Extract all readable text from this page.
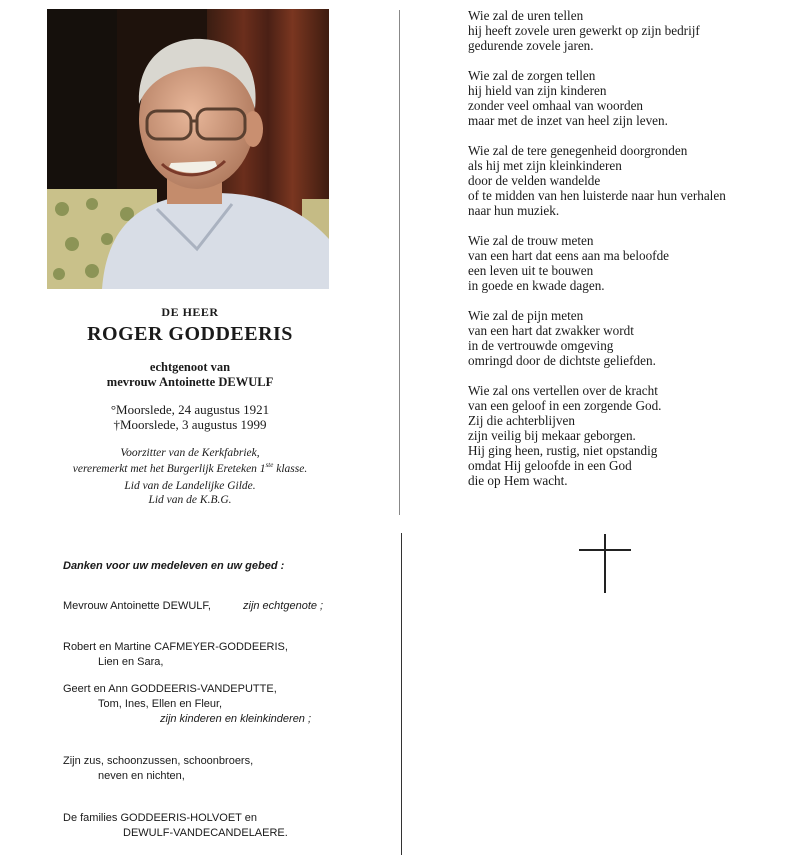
DE HEER
ROGER GODDEERIS
echtgenoot van
mevrouw Antoinette DEWULF
°Moorslede, 24 augustus 1921
†Moorslede, 3 augustus 1999
Voorzitter van de Kerkfabriek,
vereremerkt met het Burgerlijk Ereteken 1ste klasse.
Lid van de Landelijke Gilde.
Lid van de K.B.G.

Wie zal de uren tellen
hij heeft zovele uren gewerkt op zijn bedrijf
gedurende zovele jaren.

Wie zal de zorgen tellen
hij hield van zijn kinderen
zonder veel omhaal van woorden
maar met de inzet van heel zijn leven.

Wie zal de tere genegenheid doorgronden
als hij met zijn kleinkinderen
door de velden wandelde
of te midden van hen luisterde naar hun verhalen
naar hun muziek.

Wie zal de trouw meten
van een hart dat eens aan ma beloofde
een leven uit te bouwen
in goede en kwade dagen.

Wie zal de pijn meten
van een hart dat zwakker wordt
in de vertrouwde omgeving
omringd door de dichtste geliefden.

Wie zal ons vertellen over de kracht
van een geloof in een zorgende God.
Zij die achterblijven
zijn veilig bij mekaar geborgen.
Hij ging heen, rustig, niet opstandig
omdat Hij geloofde in een God
die op Hem wacht.

Danken voor uw medeleven en uw gebed :
Mevrouw Antoinette DEWULF,	zijn echtgenote ;
Robert en Martine CAFMEYER-GODDEERIS,
Lien en Sara,
Geert en Ann GODDEERIS-VANDEPUTTE,
Tom, Ines, Ellen en Fleur,
zijn kinderen en kleinkinderen ;
Zijn zus, schoonzussen, schoonbroers,
neven en nichten,
De families GODDEERIS-HOLVOET en
DEWULF-VANDECANDELAERE.
